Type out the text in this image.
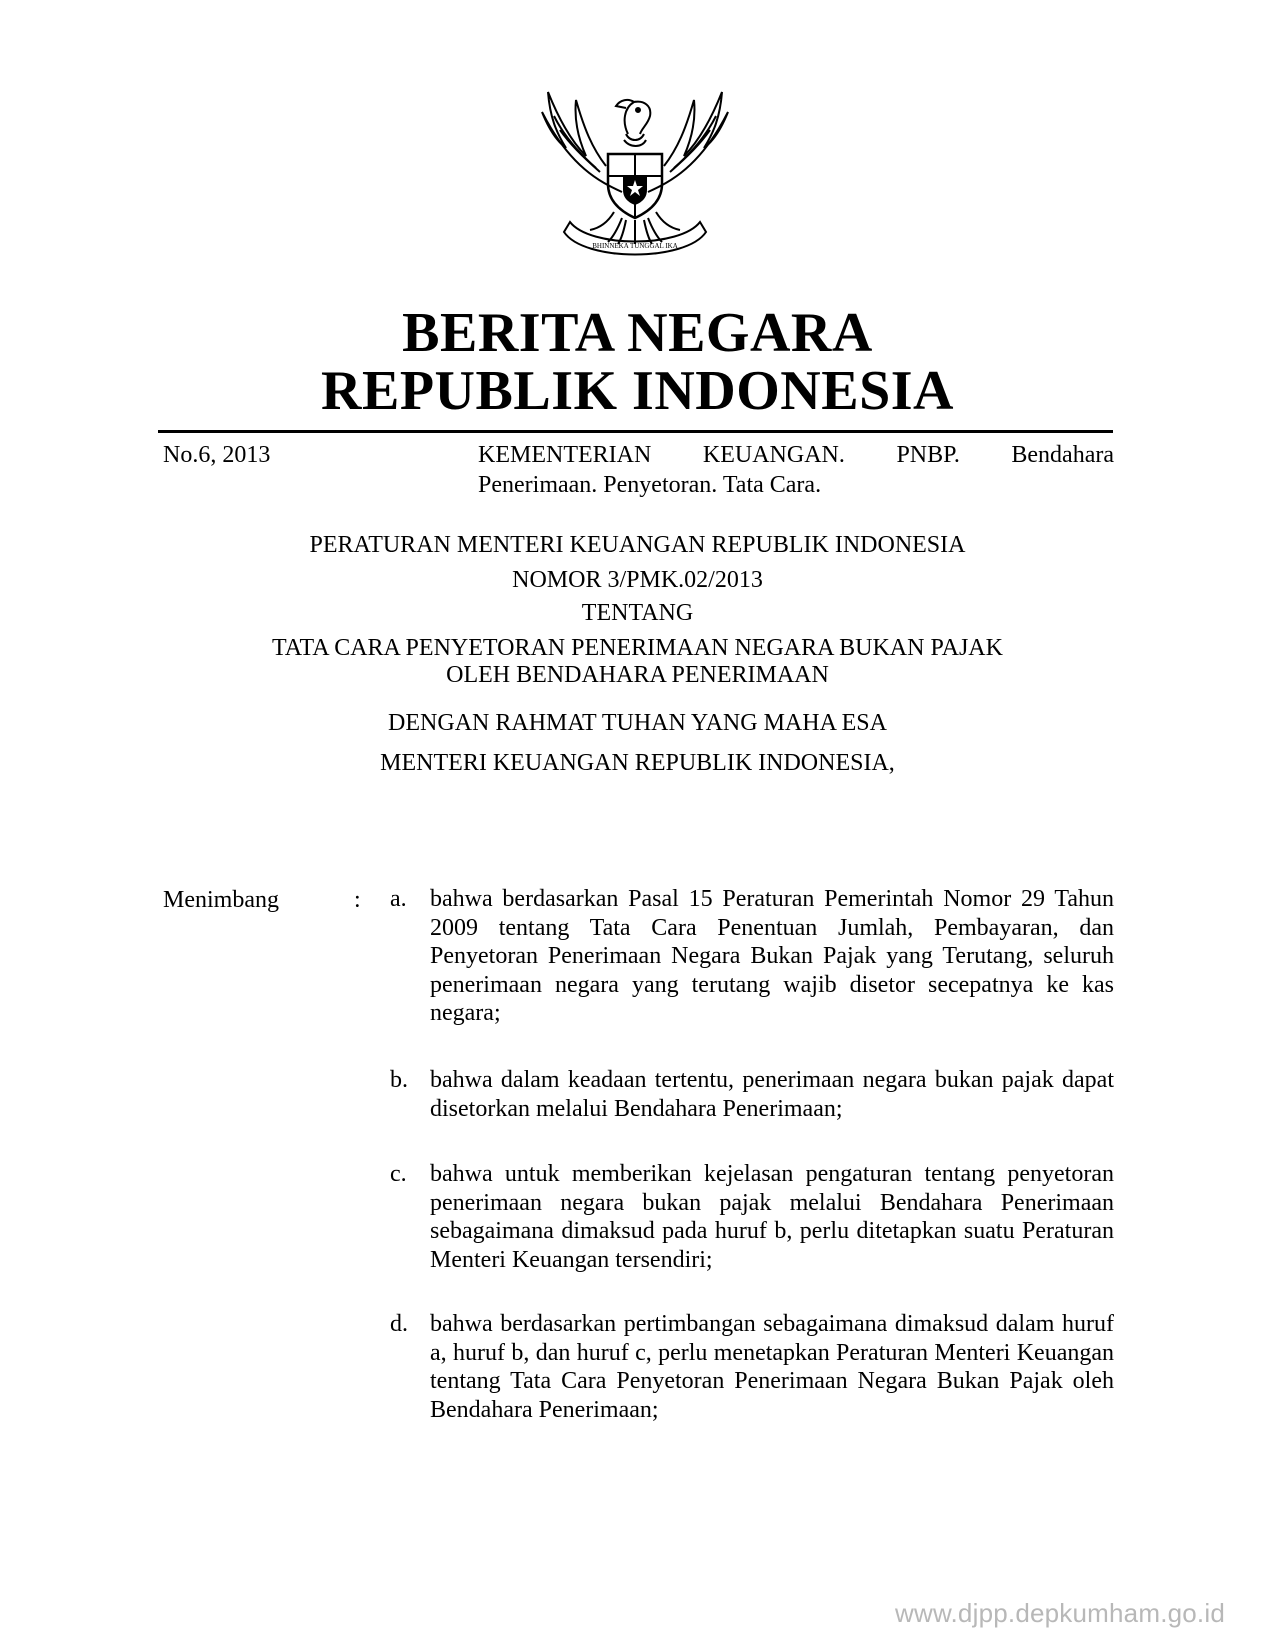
BHINNEKA TUNGGAL IKA
BERITA NEGARA
REPUBLIK INDONESIA
No.6, 2013	KEMENTERIAN KEUANGAN. PNBP. Bendahara
Penerimaan. Penyetoran. Tata Cara.
PERATURAN MENTERI KEUANGAN REPUBLIK INDONESIA
NOMOR 3/PMK.02/2013
TENTANG
TATA CARA PENYETORAN PENERIMAAN NEGARA BUKAN PAJAK
OLEH BENDAHARA PENERIMAAN
DENGAN RAHMAT TUHAN YANG MAHA ESA
MENTERI KEUANGAN REPUBLIK INDONESIA,
Menimbang	: a. bahwa berdasarkan Pasal 15 Peraturan Pemerintah Nomor 29 Tahun 2009 tentang Tata Cara Penentuan Jumlah, Pembayaran, dan Penyetoran Penerimaan Negara Bukan Pajak yang Terutang, seluruh penerimaan negara yang terutang wajib disetor secepatnya ke kas negara;
b. bahwa dalam keadaan tertentu, penerimaan negara bukan pajak dapat disetorkan melalui Bendahara Penerimaan;
c. bahwa untuk memberikan kejelasan pengaturan tentang penyetoran penerimaan negara bukan pajak melalui Bendahara Penerimaan sebagaimana dimaksud pada huruf b, perlu ditetapkan suatu Peraturan Menteri Keuangan tersendiri;
d. bahwa berdasarkan pertimbangan sebagaimana dimaksud dalam huruf a, huruf b, dan huruf c, perlu menetapkan Peraturan Menteri Keuangan tentang Tata Cara Penyetoran Penerimaan Negara Bukan Pajak oleh Bendahara Penerimaan;
www.djpp.depkumham.go.id
